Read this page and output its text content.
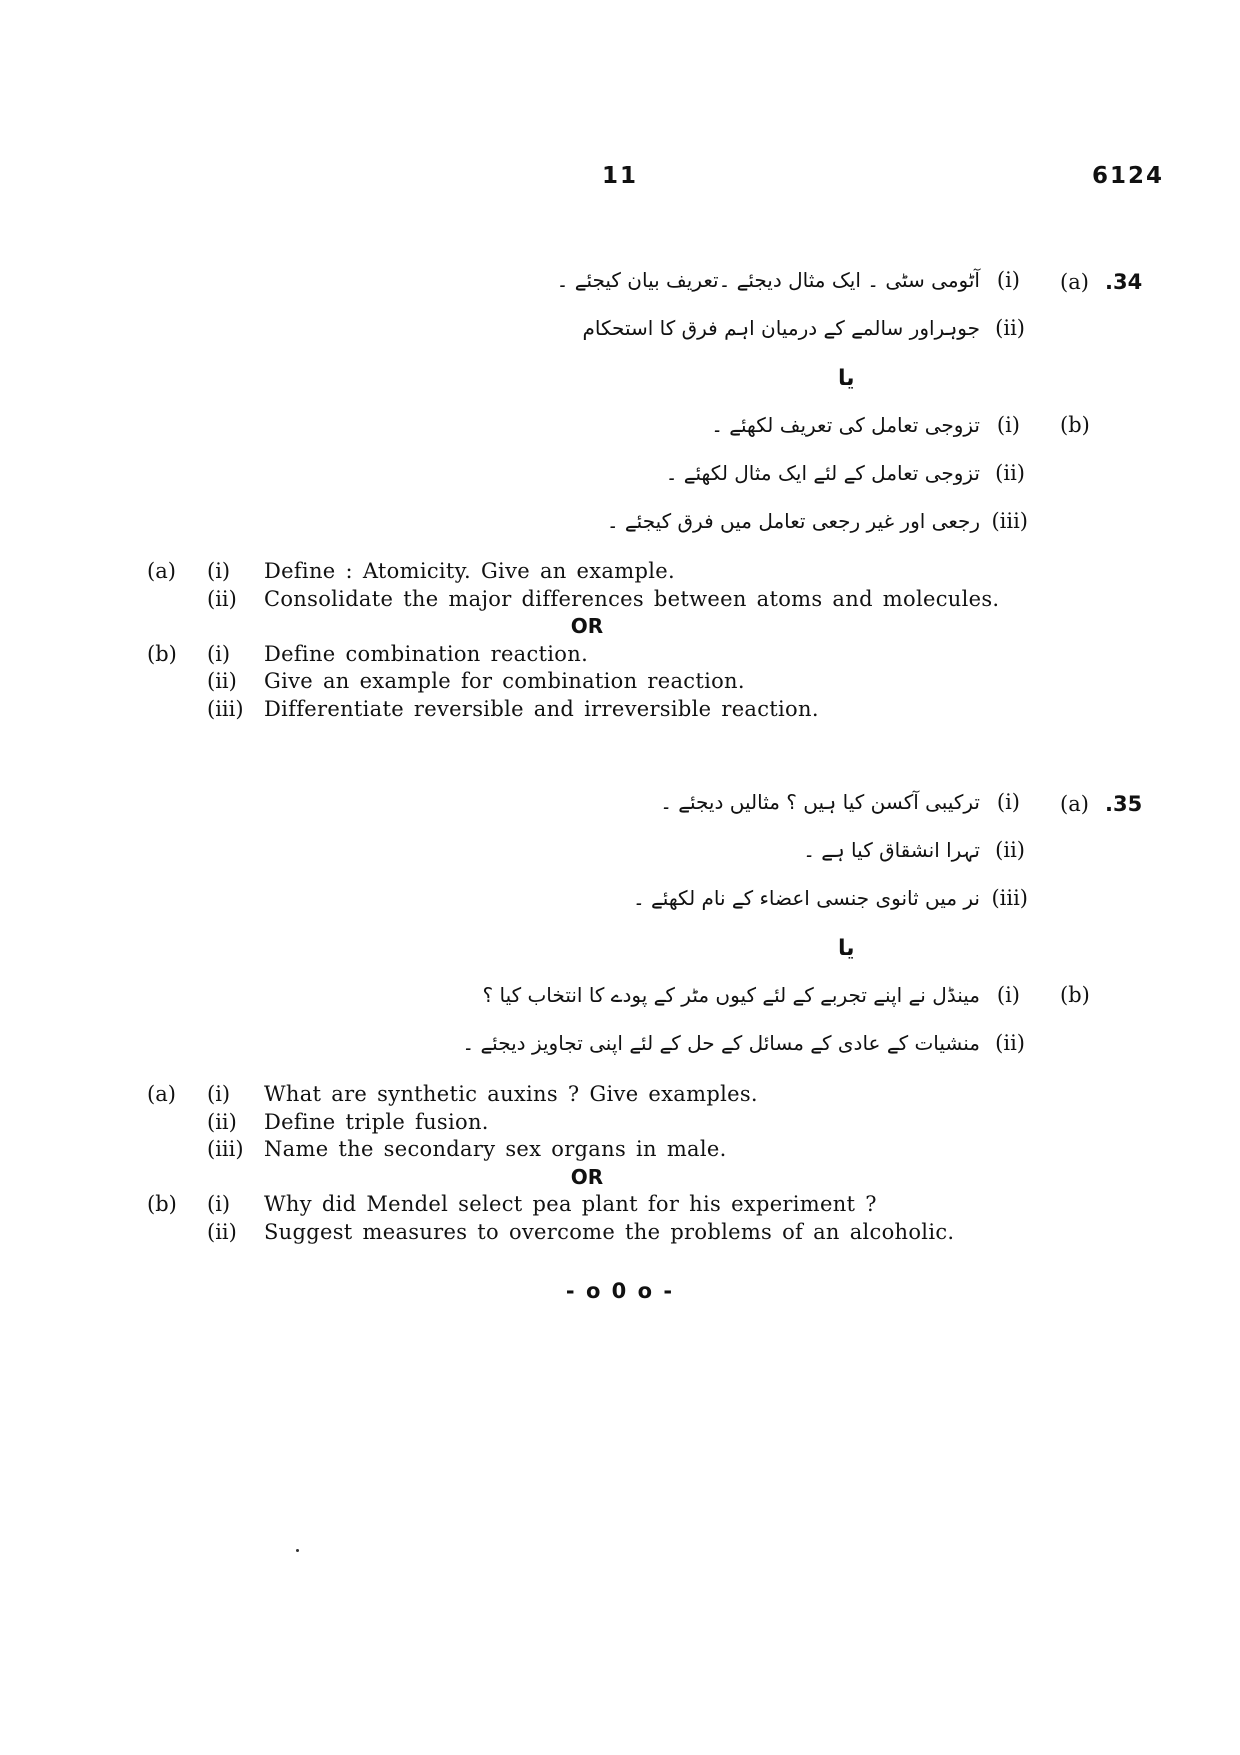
11	6124
.34
(a)
(i)
آٹومی سٹی ۔ ایک مثال دیجئے ۔تعریف بیان کیجئے ۔
(ii)
جوہراور سالمے کے درمیان اہم فرق کا استحکام
یا
(b)
(i)
تزوجی تعامل کی تعریف لکھئے ۔
(ii)
تزوجی تعامل کے لئے ایک مثال لکھئے ۔
(iii)
رجعی اور غیر رجعی تعامل میں فرق کیجئے ۔
(a) (i) Define : Atomicity. Give an example.
(ii) Consolidate the major differences between atoms and molecules.
OR
(b) (i) Define combination reaction.
(ii) Give an example for combination reaction.
(iii) Differentiate reversible and irreversible reaction.
.35
(a)
(i)
ترکیبی آکسن کیا ہیں ؟ مثالیں دیجئے ۔
(ii)
تہرا انشقاق کیا ہے ۔
(iii)
نر میں ثانوی جنسی اعضاء کے نام لکھئے ۔
یا
(b)
(i)
مینڈل نے اپنے تجربے کے لئے کیوں مٹر کے پودے کا انتخاب کیا ؟
(ii)
منشیات کے عادی کے مسائل کے حل کے لئے اپنی تجاویز دیجئے ۔
(a) (i) What are synthetic auxins ? Give examples.
(ii) Define triple fusion.
(iii) Name the secondary sex organs in male.
OR
(b) (i) Why did Mendel select pea plant for his experiment ?
(ii) Suggest measures to overcome the problems of an alcoholic.
- o 0 o -
